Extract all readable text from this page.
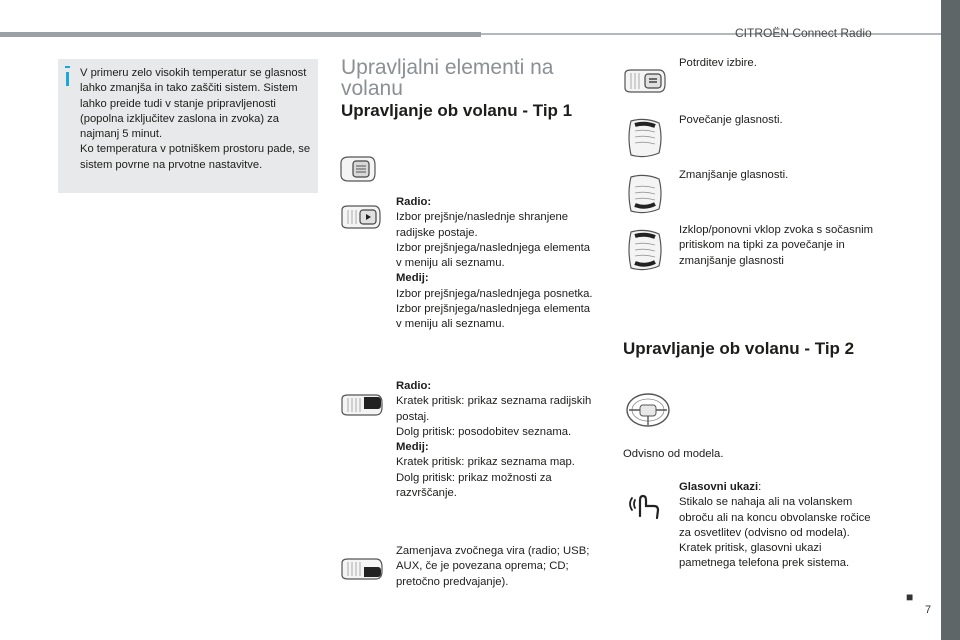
CITROËN Connect Radio
■
7

V primeru zelo visokih temperatur se glasnost lahko zmanjša in tako zaščiti sistem. Sistem lahko preide tudi v stanje pripravljenosti (popolna izključitev zaslona in zvoka) za najmanj 5 minut.

Ko temperatura v potniškem prostoru pade, se sistem povrne na prvotne nastavitve.

Upravljalni elementi na volanu
Upravljanje ob volanu - Tip 1
Radio:
Izbor prejšnje/naslednje shranjene radijske postaje.
Izbor prejšnjega/naslednjega elementa v meniju ali seznamu.
Medij:
Izbor prejšnjega/naslednjega posnetka.
Izbor prejšnjega/naslednjega elementa v meniju ali seznamu.
Radio:
Kratek pritisk: prikaz seznama radijskih postaj.
Dolg pritisk: posodobitev seznama.
Medij:
Kratek pritisk: prikaz seznama map.
Dolg pritisk: prikaz možnosti za razvrščanje.
Zamenjava zvočnega vira (radio; USB; AUX, če je povezana oprema; CD; pretočno predvajanje).
Potrditev izbire.
Povečanje glasnosti.
Zmanjšanje glasnosti.
Izklop/ponovni vklop zvoka s sočasnim pritiskom na tipki za povečanje in zmanjšanje glasnosti
Upravljanje ob volanu - Tip 2
Odvisno od modela.
Glasovni ukazi:
Stikalo se nahaja ali na volanskem obroču ali na koncu obvolanske ročice za osvetlitev (odvisno od modela).
Kratek pritisk, glasovni ukazi pametnega telefona prek sistema.
